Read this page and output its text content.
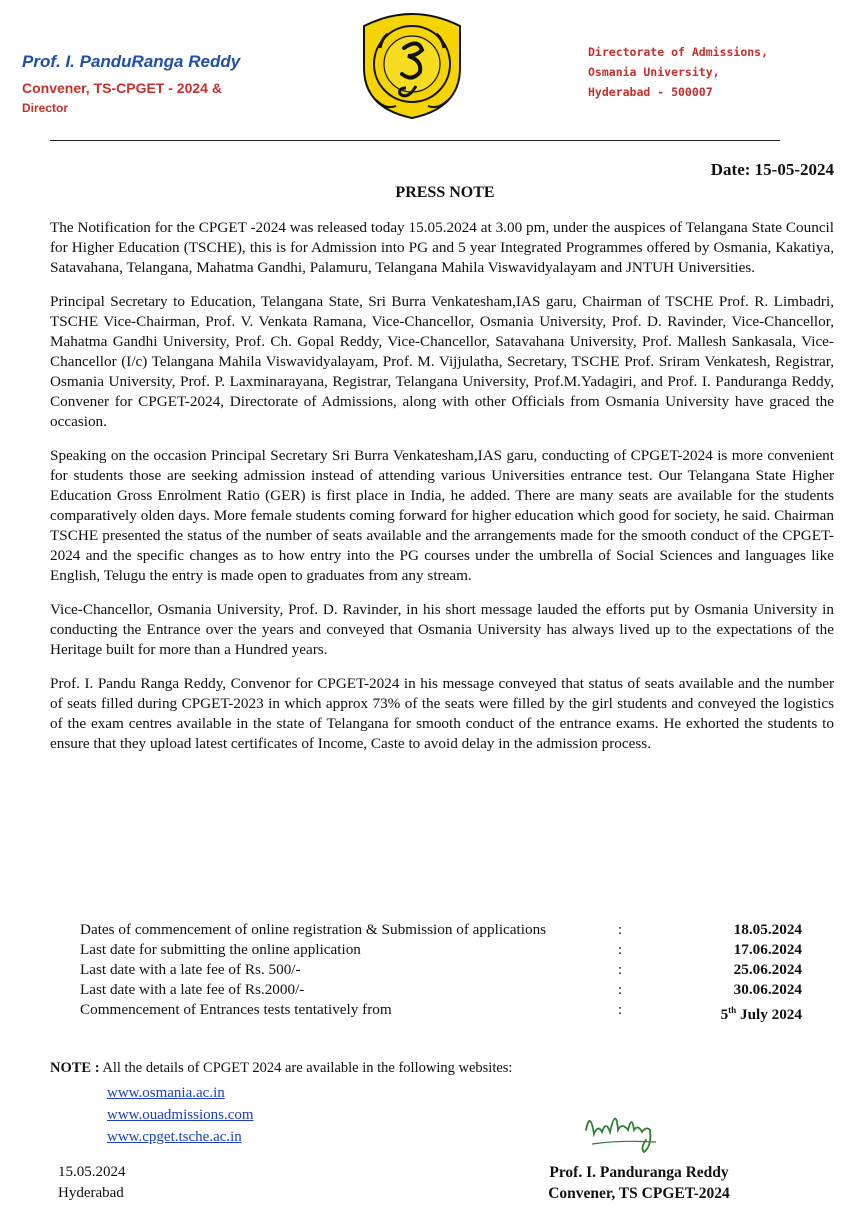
Prof. I. PanduRanga Reddy
Convener, TS-CPGET - 2024 &
Director
Directorate of Admissions,
Osmania University,
Hyderabad - 500007
Date: 15-05-2024
PRESS NOTE

The Notification for the CPGET -2024 was released today 15.05.2024 at 3.00 pm, under the auspices of Telangana State Council for Higher Education (TSCHE), this is for Admission into PG and 5 year Integrated Programmes offered by Osmania, Kakatiya, Satavahana, Telangana, Mahatma Gandhi, Palamuru, Telangana Mahila Viswavidyalayam and JNTUH Universities.

Principal Secretary to Education, Telangana State, Sri Burra Venkatesham,IAS garu, Chairman of TSCHE Prof. R. Limbadri, TSCHE Vice-Chairman, Prof. V. Venkata Ramana, Vice-Chancellor, Osmania University, Prof. D. Ravinder, Vice-Chancellor, Mahatma Gandhi University, Prof. Ch. Gopal Reddy, Vice-Chancellor, Satavahana University, Prof. Mallesh Sankasala, Vice-Chancellor (I/c) Telangana Mahila Viswavidyalayam, Prof. M. Vijjulatha, Secretary, TSCHE Prof. Sriram Venkatesh, Registrar, Osmania University, Prof. P. Laxminarayana, Registrar, Telangana University, Prof.M.Yadagiri, and Prof. I. Panduranga Reddy, Convener for CPGET-2024, Directorate of Admissions, along with other Officials from Osmania University have graced the occasion.

Speaking on the occasion Principal Secretary Sri Burra Venkatesham,IAS garu, conducting of CPGET-2024 is more convenient for students those are seeking admission instead of attending various Universities entrance test. Our Telangana State Higher Education Gross Enrolment Ratio (GER) is first place in India, he added. There are many seats are available for the students comparatively olden days. More female students coming forward for higher education which good for society, he said. Chairman TSCHE presented the status of the number of seats available and the arrangements made for the smooth conduct of the CPGET-2024 and the specific changes as to how entry into the PG courses under the umbrella of Social Sciences and languages like English, Telugu the entry is made open to graduates from any stream.

Vice-Chancellor, Osmania University, Prof. D. Ravinder, in his short message lauded the efforts put by Osmania University in conducting the Entrance over the years and conveyed that Osmania University has always lived up to the expectations of the Heritage built for more than a Hundred years.

Prof. I. Pandu Ranga Reddy, Convenor for CPGET-2024 in his message conveyed that status of seats available and the number of seats filled during CPGET-2023 in which approx 73% of the seats were filled by the girl students and conveyed the logistics of the exam centres available in the state of Telangana for smooth conduct of the entrance exams. He exhorted the students to ensure that they upload latest certificates of Income, Caste to avoid delay in the admission process.

Dates of commencement of online registration & Submission of applications	:	18.05.2024
Last date for submitting the online application	:	17.06.2024
Last date with a late fee of Rs. 500/-	:	25.06.2024
Last date with a late fee of Rs.2000/-	:	30.06.2024
Commencement of Entrances tests tentatively from	:	5th July 2024
NOTE : All the details of CPGET 2024 are available in the following websites:
www.osmania.ac.in
www.ouadmissions.com
www.cpget.tsche.ac.in
15.05.2024
Hyderabad
Prof. I. Panduranga Reddy
Convener, TS CPGET-2024
